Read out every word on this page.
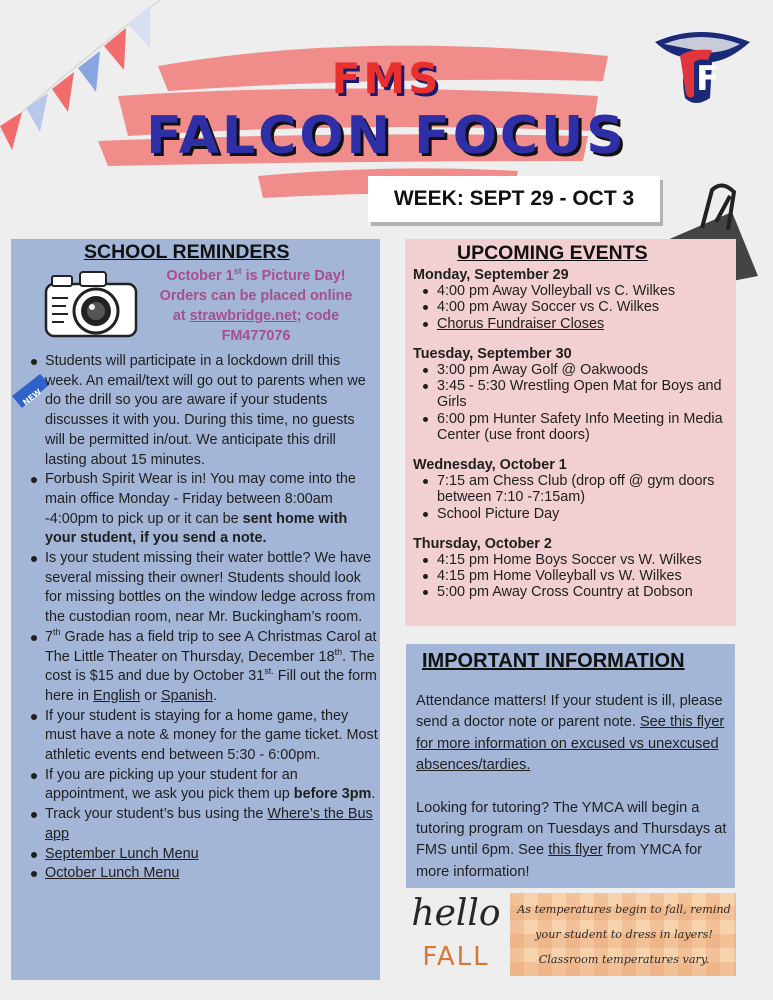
FMS
FALCON FOCUS
F
WEEK: SEPT 29 - OCT 3
SCHOOL REMINDERS
October 1st is Picture Day!
Orders can be placed online
at strawbridge.net; code
FM477076
NEW
Students will participate in a lockdown drill this week. An email/text will go out to parents when we do the drill so you are aware if your students discusses it with you. During this time, no guests will be permitted in/out. We anticipate this drill lasting about 15 minutes.
Forbush Spirit Wear is in! You may come into the main office Monday - Friday between 8:00am -4:00pm to pick up or it can be sent home with your student, if you send a note.
Is your student missing their water bottle? We have several missing their owner! Students should look for missing bottles on the window ledge across from the custodian room, near Mr. Buckingham’s room.
7th Grade has a field trip to see A Christmas Carol at The Little Theater on Thursday, December 18th. The cost is $15 and due by October $31^{st.}$ Fill out the form here in English or Spanish.
If your student is staying for a home game, they must have a note & money for the game ticket. Most athletic events end between 5:30 - 6:00pm.
If you are picking up your student for an appointment, we ask you pick them up before 3pm.
Track your student’s bus using the Where’s the Bus app
September Lunch Menu
October Lunch Menu
UPCOMING EVENTS
Monday, September 29
4:00 pm Away Volleyball vs C. Wilkes
4:00 pm Away Soccer vs C. Wilkes
Chorus Fundraiser Closes
Tuesday, September 30
3:00 pm Away Golf @ Oakwoods
3:45 - 5:30 Wrestling Open Mat for Boys and Girls
6:00 pm Hunter Safety Info Meeting in Media Center (use front doors)
Wednesday, October 1
7:15 am Chess Club (drop off @ gym doors between 7:10 -7:15am)
School Picture Day
Thursday, October 2
4:15 pm Home Boys Soccer vs W. Wilkes
4:15 pm Home Volleyball vs W. Wilkes
5:00 pm Away Cross Country at Dobson
IMPORTANT INFORMATION
Attendance matters! If your student is ill, please send a doctor note or parent note. See this flyer for more information on excused vs unexcused absences/tardies.
Looking for tutoring? The YMCA will begin a tutoring program on Tuesdays and Thursdays at FMS until 6pm. See this flyer from YMCA for more information!
hello
FALL
As temperatures begin to fall, remind your student to dress in layers! Classroom temperatures vary.
